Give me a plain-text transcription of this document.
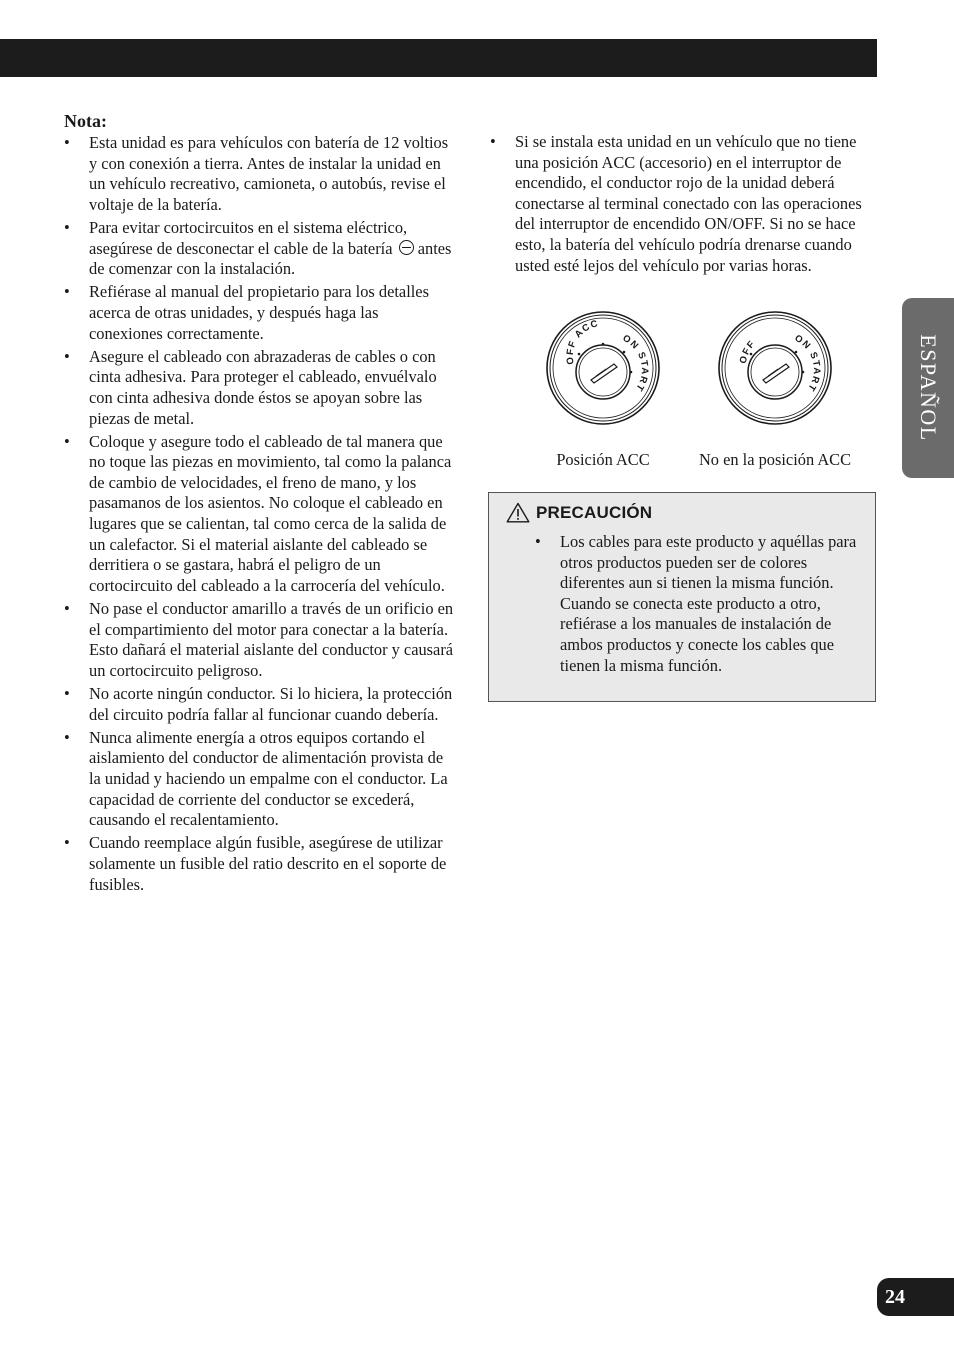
Nota:
• Esta unidad es para vehículos con batería de 12 voltios y con conexión a tierra. Antes de instalar la unidad en un vehículo recreativo, camioneta, o autobús, revise el voltaje de la batería.
• Para evitar cortocircuitos en el sistema eléctrico, asegúrese de desconectar el cable de la batería antes de comenzar con la instalación.
• Refiérase al manual del propietario para los detalles acerca de otras unidades, y después haga las conexiones correctamente.
• Asegure el cableado con abrazaderas de cables o con cinta adhesiva. Para proteger el cableado, envuélvalo con cinta adhesiva donde éstos se apoyan sobre las piezas de metal.
• Coloque y asegure todo el cableado de tal manera que no toque las piezas en movimiento, tal como la palanca de cambio de velocidades, el freno de mano, y los pasamanos de los asientos. No coloque el cableado en lugares que se calientan, tal como cerca de la salida de un calefactor. Si el material aislante del cableado se derritiera o se gastara, habrá el peligro de un cortocircuito del cableado a la carrocería del vehículo.
• No pase el conductor amarillo a través de un orificio en el compartimiento del motor para conectar a la batería. Esto dañará el material aislante del conductor y causará un cortocircuito peligroso.
• No acorte ningún conductor. Si lo hiciera, la protección del circuito podría fallar al funcionar cuando debería.
• Nunca alimente energía a otros equipos cortando el aislamiento del conductor de alimentación provista de la unidad y haciendo un empalme con el conductor. La capacidad de corriente del conductor se excederá, causando el recalentamiento.
• Cuando reemplace algún fusible, asegúrese de utilizar solamente un fusible del ratio descrito en el soporte de fusibles.
• Si se instala esta unidad en un vehículo que no tiene una posición ACC (accesorio) en el interruptor de encendido, el conductor rojo de la unidad deberá conectarse al terminal conectado con las operaciones del interruptor de encendido ON/OFF. Si no se hace esto, la batería del vehículo podría drenarse cuando usted esté lejos del vehículo por varias horas.
OFF ACC
ON START
Posición ACC
OFF	ON START
No en la posición ACC
PRECAUCIÓN
• Los cables para este producto y aquéllas para otros productos pueden ser de colores diferentes aun si tienen la misma función. Cuando se conecta este producto a otro, refiérase a los manuales de instalación de ambos productos y conecte los cables que tienen la misma función.
ESPAÑOL
24
